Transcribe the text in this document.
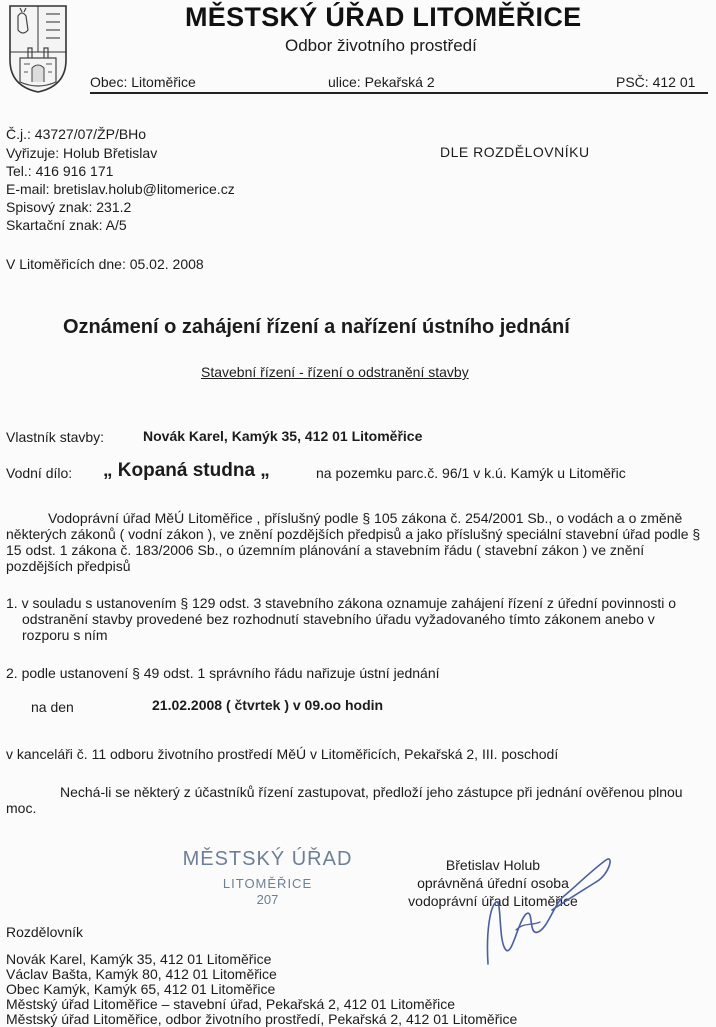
MĚSTSKÝ ÚŘAD LITOMĚŘICE
Odbor životního prostředí
Obec: Litoměřice	ulice: Pekařská 2	PSČ: 412 01
Č.j.: 43727/07/ŽP/BHo
Vyřizuje: Holub Břetislav
Tel.: 416 916 171
E-mail: bretislav.holub@litomerice.cz
Spisový znak: 231.2
Skartační znak: A/5
DLE ROZDĚLOVNÍKU
V Litoměřicích dne: 05.02. 2008
Oznámení o zahájení řízení a nařízení ústního jednání
Stavební řízení - řízení o odstranění stavby
Vlastník stavby:	Novák Karel, Kamýk 35, 412 01 Litoměřice
Vodní dílo: „ Kopaná studna „	na pozemku parc.č. 96/1 v k.ú. Kamýk u Litoměřic
Vodoprávní úřad MěÚ Litoměřice , příslušný podle § 105 zákona č. 254/2001 Sb., o vodách a o změně některých zákonů ( vodní zákon ), ve znění pozdějších předpisů a jako příslušný speciální stavební úřad podle § 15 odst. 1 zákona č. 183/2006 Sb., o územním plánování a stavebním řádu ( stavební zákon ) ve znění pozdějších předpisů
1. v souladu s ustanovením § 129 odst. 3 stavebního zákona oznamuje zahájení řízení z úřední povinnosti o odstranění stavby provedené bez rozhodnutí stavebního úřadu vyžadovaného tímto zákonem anebo v rozporu s ním
2. podle ustanovení § 49 odst. 1 správního řádu nařizuje ústní jednání
na den	21.02.2008 ( čtvrtek ) v 09.oo hodin
v kanceláři č. 11 odboru životního prostředí MěÚ v Litoměřicích, Pekařská 2, III. poschodí
Nechá-li se některý z účastníků řízení zastupovat, předloží jeho zástupce při jednání ověřenou plnou moc.
MĚSTSKÝ ÚŘAD
LITOMĚŘICE
207
Břetislav Holub
oprávněná úřední osoba
vodoprávní úřad Litoměřice
Rozdělovník
Novák Karel, Kamýk 35, 412 01 Litoměřice
Václav Bašta, Kamýk 80, 412 01 Litoměřice
Obec Kamýk, Kamýk 65, 412 01 Litoměřice
Městský úřad Litoměřice – stavební úřad, Pekařská 2, 412 01 Litoměřice
Městský úřad Litoměřice, odbor životního prostředí, Pekařská 2, 412 01 Litoměřice
